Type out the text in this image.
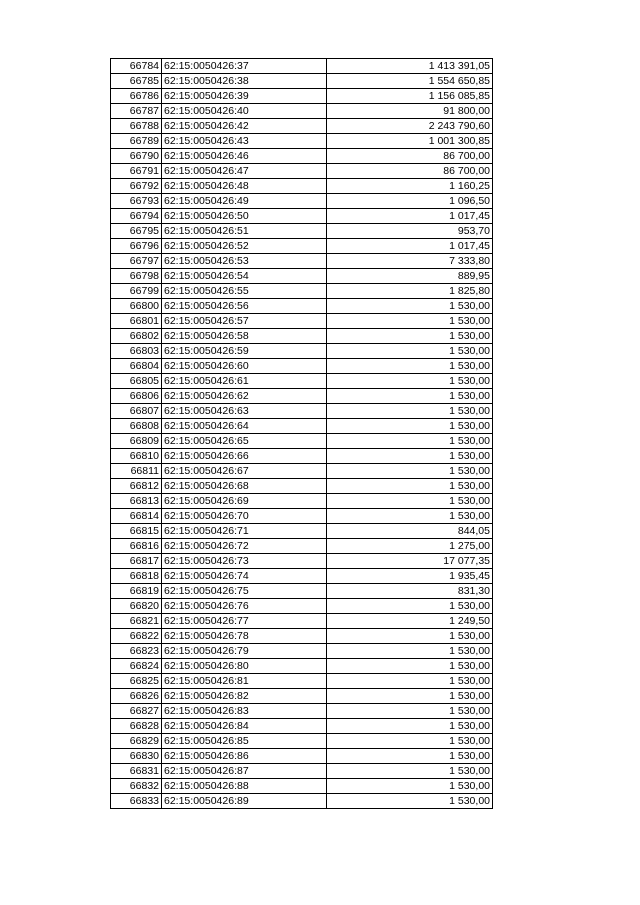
66784	62:15:0050426:37	1 413 391,05
66785	62:15:0050426:38	1 554 650,85
66786	62:15:0050426:39	1 156 085,85
66787	62:15:0050426:40	91 800,00
66788	62:15:0050426:42	2 243 790,60
66789	62:15:0050426:43	1 001 300,85
66790	62:15:0050426:46	86 700,00
66791	62:15:0050426:47	86 700,00
66792	62:15:0050426:48	1 160,25
66793	62:15:0050426:49	1 096,50
66794	62:15:0050426:50	1 017,45
66795	62:15:0050426:51	953,70
66796	62:15:0050426:52	1 017,45
66797	62:15:0050426:53	7 333,80
66798	62:15:0050426:54	889,95
66799	62:15:0050426:55	1 825,80
66800	62:15:0050426:56	1 530,00
66801	62:15:0050426:57	1 530,00
66802	62:15:0050426:58	1 530,00
66803	62:15:0050426:59	1 530,00
66804	62:15:0050426:60	1 530,00
66805	62:15:0050426:61	1 530,00
66806	62:15:0050426:62	1 530,00
66807	62:15:0050426:63	1 530,00
66808	62:15:0050426:64	1 530,00
66809	62:15:0050426:65	1 530,00
66810	62:15:0050426:66	1 530,00
66811	62:15:0050426:67	1 530,00
66812	62:15:0050426:68	1 530,00
66813	62:15:0050426:69	1 530,00
66814	62:15:0050426:70	1 530,00
66815	62:15:0050426:71	844,05
66816	62:15:0050426:72	1 275,00
66817	62:15:0050426:73	17 077,35
66818	62:15:0050426:74	1 935,45
66819	62:15:0050426:75	831,30
66820	62:15:0050426:76	1 530,00
66821	62:15:0050426:77	1 249,50
66822	62:15:0050426:78	1 530,00
66823	62:15:0050426:79	1 530,00
66824	62:15:0050426:80	1 530,00
66825	62:15:0050426:81	1 530,00
66826	62:15:0050426:82	1 530,00
66827	62:15:0050426:83	1 530,00
66828	62:15:0050426:84	1 530,00
66829	62:15:0050426:85	1 530,00
66830	62:15:0050426:86	1 530,00
66831	62:15:0050426:87	1 530,00
66832	62:15:0050426:88	1 530,00
66833	62:15:0050426:89	1 530,00
